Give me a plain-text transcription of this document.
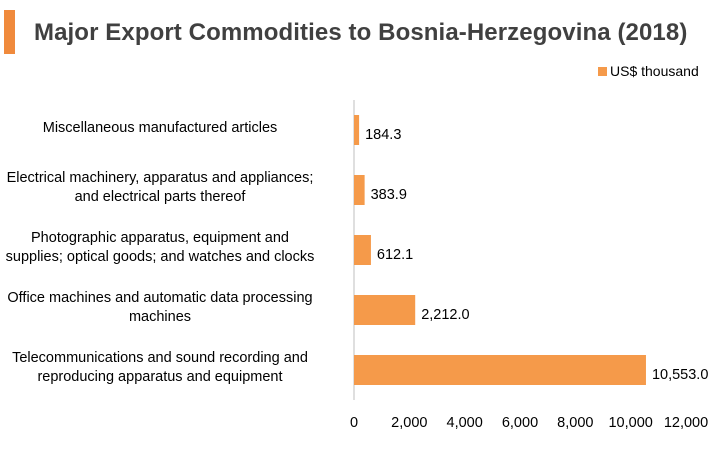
Major Export Commodities to Bosnia-Herzegovina (2018)
US$ thousand
Miscellaneous manufactured articles
Electrical machinery, apparatus and appliances;
and electrical parts thereof
Photographic apparatus, equipment and
supplies; optical goods; and watches and clocks
Office machines and automatic data processing
machines
Telecommunications and sound recording and
reproducing apparatus and equipment
184.3
383.9
612.1
2,212.0
10,553.0
0 2,000 4,000 6,000 8,000 10,000 12,000
